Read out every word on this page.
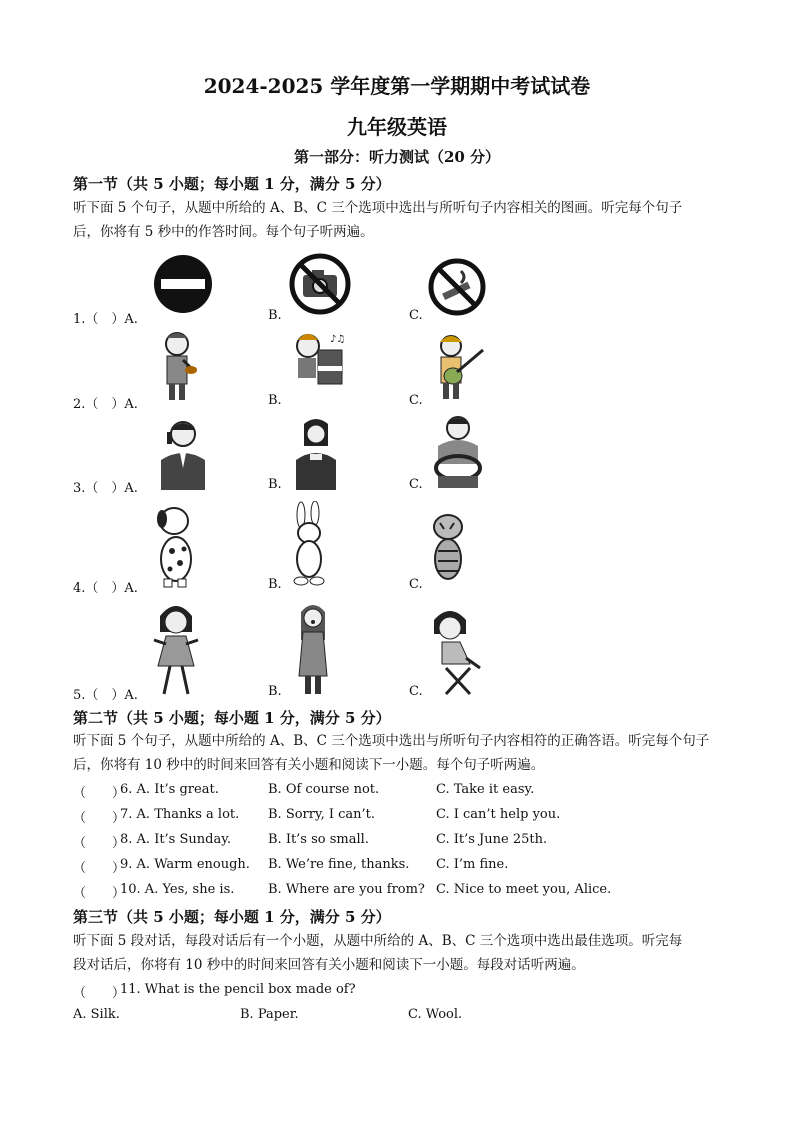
2024-2025 学年度第一学期期中考试试卷
九年级英语
第一部分：听力测试（20 分）
第一节（共 5 小题；每小题 1 分，满分 5 分）
听下面 5 个句子，从题中所给的 A、B、C 三个选项中选出与所听句子内容相关的图画。听完每个句子
后，你将有 5 秒中的作答时间。每个句子听两遍。
1.（　）A.	B.	C.
2.（　）A.	B.	C.
♪♫
3.（　）A.	B.	C.
4.（　）A.	B.	C.
5.（　）A.	B.	C.
第二节（共 5 小题；每小题 1 分，满分 5 分）
听下面 5 个句子，从题中所给的 A、B、C 三个选项中选出与所听句子内容相符的正确答语。听完每个句子
后，你将有 10 秒中的时间来回答有关小题和阅读下一小题。每个句子听两遍。
（　　）
6. A. It’s great.	B. Of course not.	C. Take it easy.
（　　）
7. A. Thanks a lot. B. Sorry, I can’t.	C. I can’t help you.
（　　）
8. A. It’s Sunday.	B. It’s so small.	C. It’s June 25th.
（　　）
9. A. Warm enough. B. We’re fine, thanks. C. I’m fine.
（　　）
10. A. Yes, she is.	B. Where are you from? C. Nice to meet you, Alice.
第三节（共 5 小题；每小题 1 分，满分 5 分）
听下面 5 段对话，每段对话后有一个小题，从题中所给的 A、B、C 三个选项中选出最佳选项。听完每
段对话后，你将有 10 秒中的时间来回答有关小题和阅读下一小题。每段对话听两遍。
（　　）
11. What is the pencil box made of?
A. Silk.	B. Paper.	C. Wool.
